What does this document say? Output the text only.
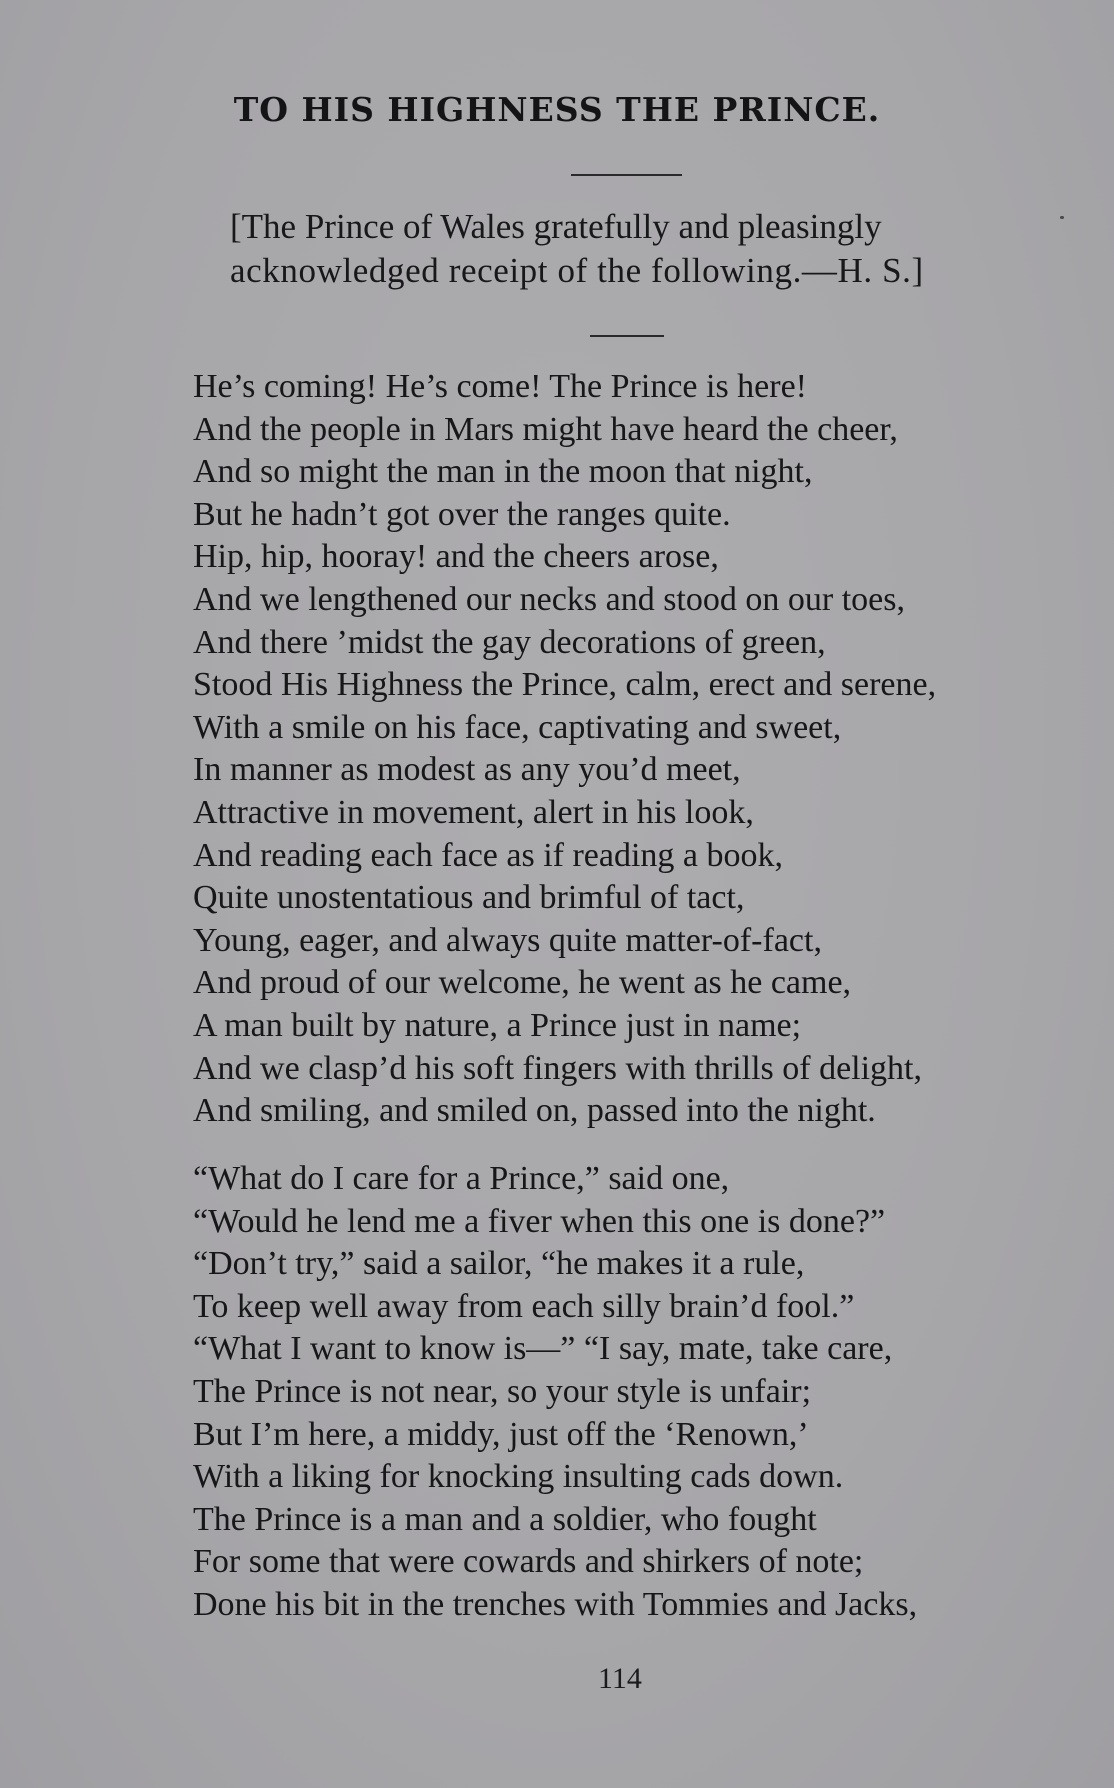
TO HIS HIGHNESS THE PRINCE.
[The Prince of Wales gratefully and pleasingly
acknowledged receipt of the following.—H. S.]
He’s coming! He’s come! The Prince is here!
And the people in Mars might have heard the cheer,
And so might the man in the moon that night,
But he hadn’t got over the ranges quite.
Hip, hip, hooray! and the cheers arose,
And we lengthened our necks and stood on our toes,
And there ’midst the gay decorations of green,
Stood His Highness the Prince, calm, erect and serene,
With a smile on his face, captivating and sweet,
In manner as modest as any you’d meet,
Attractive in movement, alert in his look,
And reading each face as if reading a book,
Quite unostentatious and brimful of tact,
Young, eager, and always quite matter-of-fact,
And proud of our welcome, he went as he came,
A man built by nature, a Prince just in name;
And we clasp’d his soft fingers with thrills of delight,
And smiling, and smiled on, passed into the night.
“What do I care for a Prince,” said one,
“Would he lend me a fiver when this one is done?”
“Don’t try,” said a sailor, “he makes it a rule,
To keep well away from each silly brain’d fool.”
“What I want to know is—” “I say, mate, take care,
The Prince is not near, so your style is unfair;
But I’m here, a middy, just off the ‘Renown,’
With a liking for knocking insulting cads down.
The Prince is a man and a soldier, who fought
For some that were cowards and shirkers of note;
Done his bit in the trenches with Tommies and Jacks,
114
